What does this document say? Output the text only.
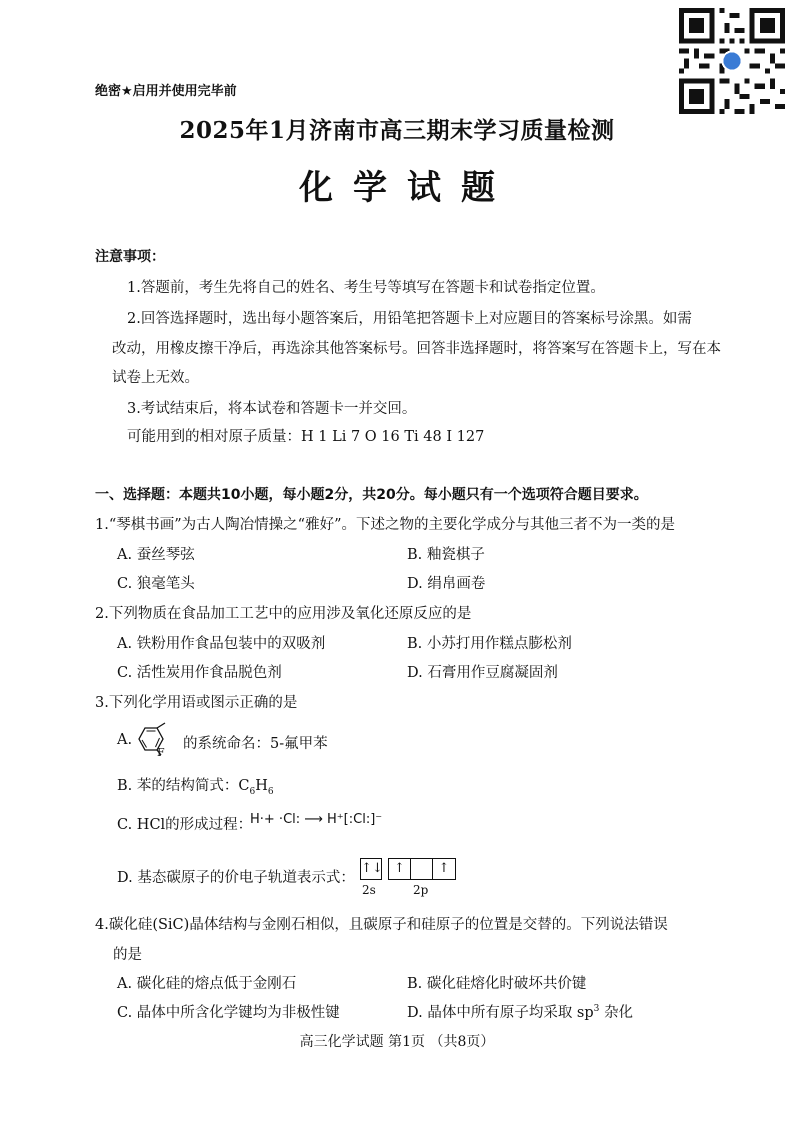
绝密★启用并使用完毕前
2025年1月济南市高三期末学习质量检测
化学试题
注意事项：
1.答题前，考生先将自己的姓名、考生号等填写在答题卡和试卷指定位置。
2.回答选择题时，选出每小题答案后，用铅笔把答题卡上对应题目的答案标号涂黑。如需
改动，用橡皮擦干净后，再选涂其他答案标号。回答非选择题时，将答案写在答题卡上，写在本
试卷上无效。
3.考试结束后，将本试卷和答题卡一并交回。
可能用到的相对原子质量：H 1 Li 7 O 16 Ti 48 I 127
一、选择题：本题共10小题，每小题2分，共20分。每小题只有一个选项符合题目要求。
1.“琴棋书画”为古人陶冶情操之“雅好”。下述之物的主要化学成分与其他三者不为一类的是
A. 蚕丝琴弦	B. 釉瓷棋子
C. 狼毫笔头	D. 绢帛画卷
2.下列物质在食品加工工艺中的应用涉及氧化还原反应的是
A. 铁粉用作食品包装中的双吸剂	B. 小苏打用作糕点膨松剂
C. 活性炭用作食品脱色剂	D. 石膏用作豆腐凝固剂
3.下列化学用语或图示正确的是
A.
F
的系统命名：5-氟甲苯
B. 苯的结构简式：$C_6H_6$
C. HCl的形成过程：
H·+ ·Cl: ⟶ H⁺[:Cl:]⁻
D. 基态碳原子的价电子轨道表示式：
↑↓ ↑	↑
2s	2p
4.碳化硅(SiC)晶体结构与金刚石相似，且碳原子和硅原子的位置是交替的。下列说法错误
的是
A. 碳化硅的熔点低于金刚石	B. 碳化硅熔化时破坏共价键
C. 晶体中所含化学键均为非极性键	D. 晶体中所有原子均采取 $sp^3$ 杂化
高三化学试题 第1页 （共8页）
